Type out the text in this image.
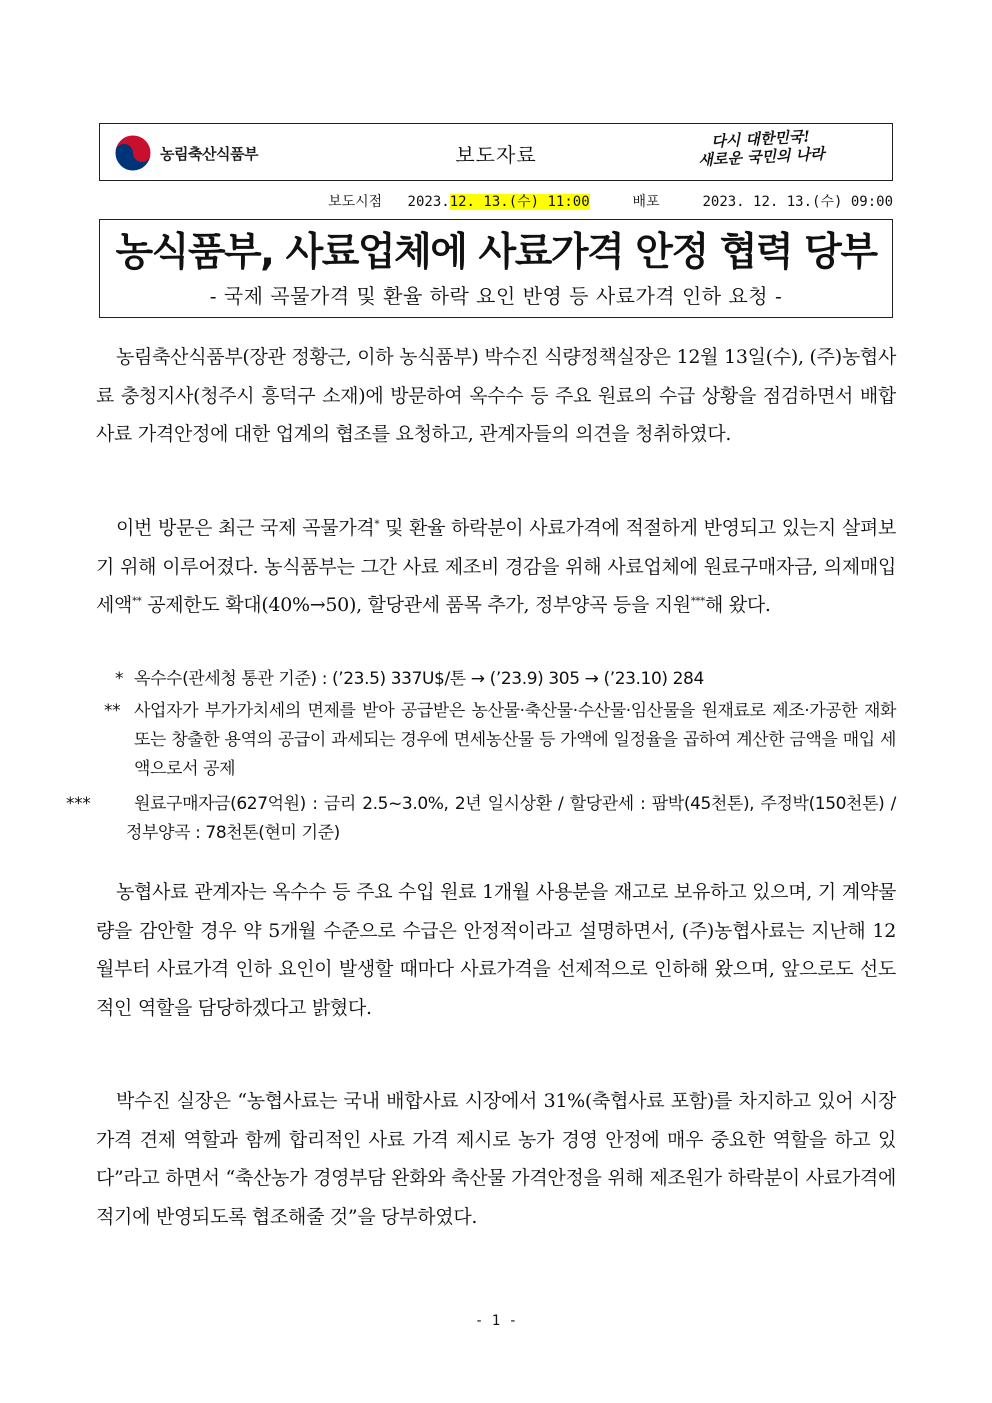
농림축산식품부	보도자료
다시 대한민국!
새로운 국민의 나라
보도시점 2023.12. 13.(수) 11:00	배포	2023. 12. 13.(수) 09:00
농식품부, 사료업체에 사료가격 안정 협력 당부
- 국제 곡물가격 및 환율 하락 요인 반영 등 사료가격 인하 요청 -

농림축산식품부(장관 정황근, 이하 농식품부) 박수진 식량정책실장은 12월 13일(수), (주)농협사료 충청지사(청주시 흥덕구 소재)에 방문하여 옥수수 등 주요 원료의 수급 상황을 점검하면서 배합사료 가격안정에 대한 업계의 협조를 요청하고, 관계자들의 의견을 청취하였다.

이번 방문은 최근 국제 곡물가격* 및 환율 하락분이 사료가격에 적절하게 반영되고 있는지 살펴보기 위해 이루어졌다. 농식품부는 그간 사료 제조비 경감을 위해 사료업체에 원료구매자금, 의제매입세액** 공제한도 확대(40%→50), 할당관세 품목 추가, 정부양곡 등을 지원***해 왔다.

* 옥수수(관세청 통관 기준) : (’23.5) 337U$/톤 → (’23.9) 305 → (’23.10) 284

** 사업자가 부가가치세의 면제를 받아 공급받은 농산물·축산물·수산물·임산물을 원재료로 제조·가공한 재화 또는 창출한 용역의 공급이 과세되는 경우에 면세농산물 등 가액에 일정율을 곱하여 계산한 금액을 매입 세액으로서 공제

***	원료구매자금(627억원) : 금리 2.5~3.0%, 2년 일시상환 / 할당관세 : 팜박(45천톤), 주정박(150천톤) / 정부양곡 : 78천톤(현미 기준)

농협사료 관계자는 옥수수 등 주요 수입 원료 1개월 사용분을 재고로 보유하고 있으며, 기 계약물량을 감안할 경우 약 5개월 수준으로 수급은 안정적이라고 설명하면서, (주)농협사료는 지난해 12월부터 사료가격 인하 요인이 발생할 때마다 사료가격을 선제적으로 인하해 왔으며, 앞으로도 선도적인 역할을 담당하겠다고 밝혔다.

박수진 실장은 “농협사료는 국내 배합사료 시장에서 31%(축협사료 포함)를 차지하고 있어 시장가격 견제 역할과 함께 합리적인 사료 가격 제시로 농가 경영 안정에 매우 중요한 역할을 하고 있다”라고 하면서 “축산농가 경영부담 완화와 축산물 가격안정을 위해 제조원가 하락분이 사료가격에 적기에 반영되도록 협조해줄 것”을 당부하였다.

- 1 -
